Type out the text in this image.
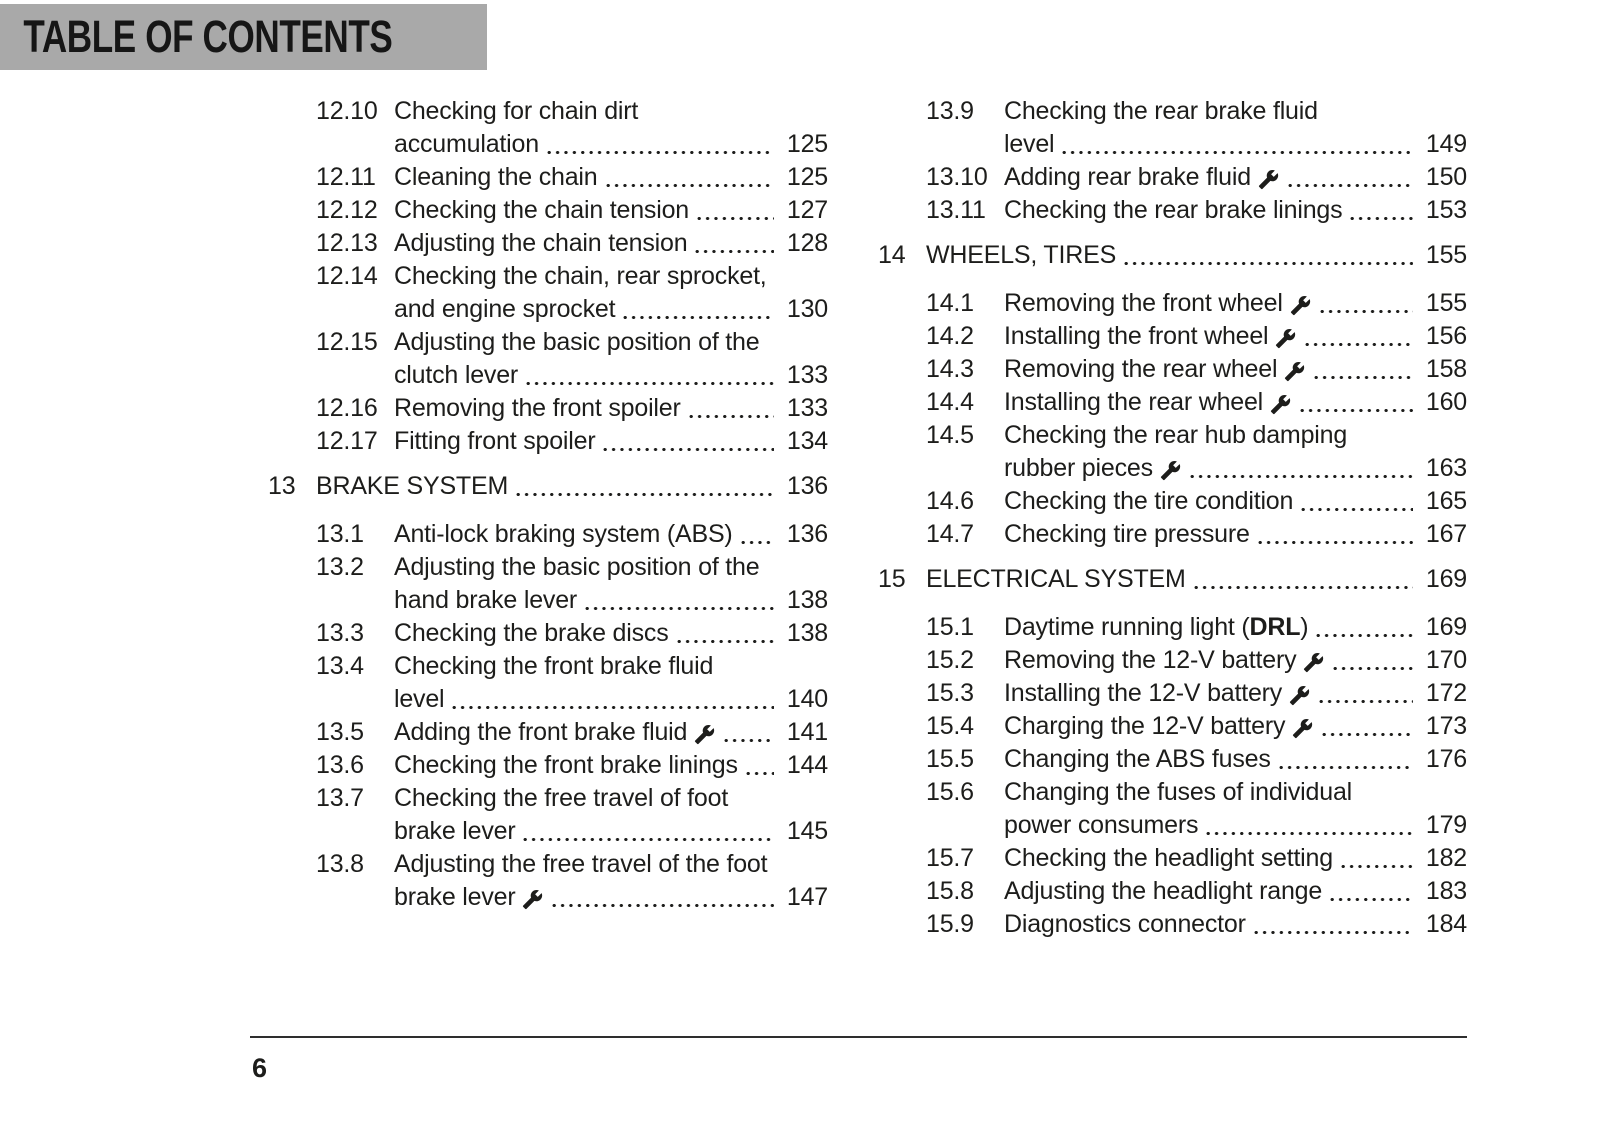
TABLE OF CONTENTS
12.10 Checking for chain dirt
accumulation	125
12.11 Cleaning the chain	125
12.12 Checking the chain tension	127
12.13 Adjusting the chain tension	128
12.14 Checking the chain, rear sprocket,
and engine sprocket	130
12.15 Adjusting the basic position of the
clutch lever	133
12.16 Removing the front spoiler	133
12.17 Fitting front spoiler	134
13 BRAKE SYSTEM	136
13.1	Anti-lock braking system (ABS) 136
13.2	Adjusting the basic position of the
hand brake lever	138
13.3	Checking the brake discs	138
13.4	Checking the front brake fluid
level	140
13.5	Adding the front brake fluid	141
13.6	Checking the front brake linings 144
13.7	Checking the free travel of foot
brake lever	145
13.8	Adjusting the free travel of the foot
brake lever	147
13.9	Checking the rear brake fluid
level	149
13.10 Adding rear brake fluid	150
13.11 Checking the rear brake linings	153
14 WHEELS, TIRES	155
14.1	Removing the front wheel	155
14.2	Installing the front wheel	156
14.3	Removing the rear wheel	158
14.4	Installing the rear wheel	160
14.5	Checking the rear hub damping
rubber pieces	163
14.6	Checking the tire condition	165
14.7	Checking tire pressure	167
15 ELECTRICAL SYSTEM	169
15.1	Daytime running light (DRL)	169
15.2	Removing the 12-V battery	170
15.3	Installing the 12-V battery	172
15.4	Charging the 12-V battery	173
15.5	Changing the ABS fuses	176
15.6	Changing the fuses of individual
power consumers	179
15.7	Checking the headlight setting	182
15.8	Adjusting the headlight range	183
15.9	Diagnostics connector	184
6
